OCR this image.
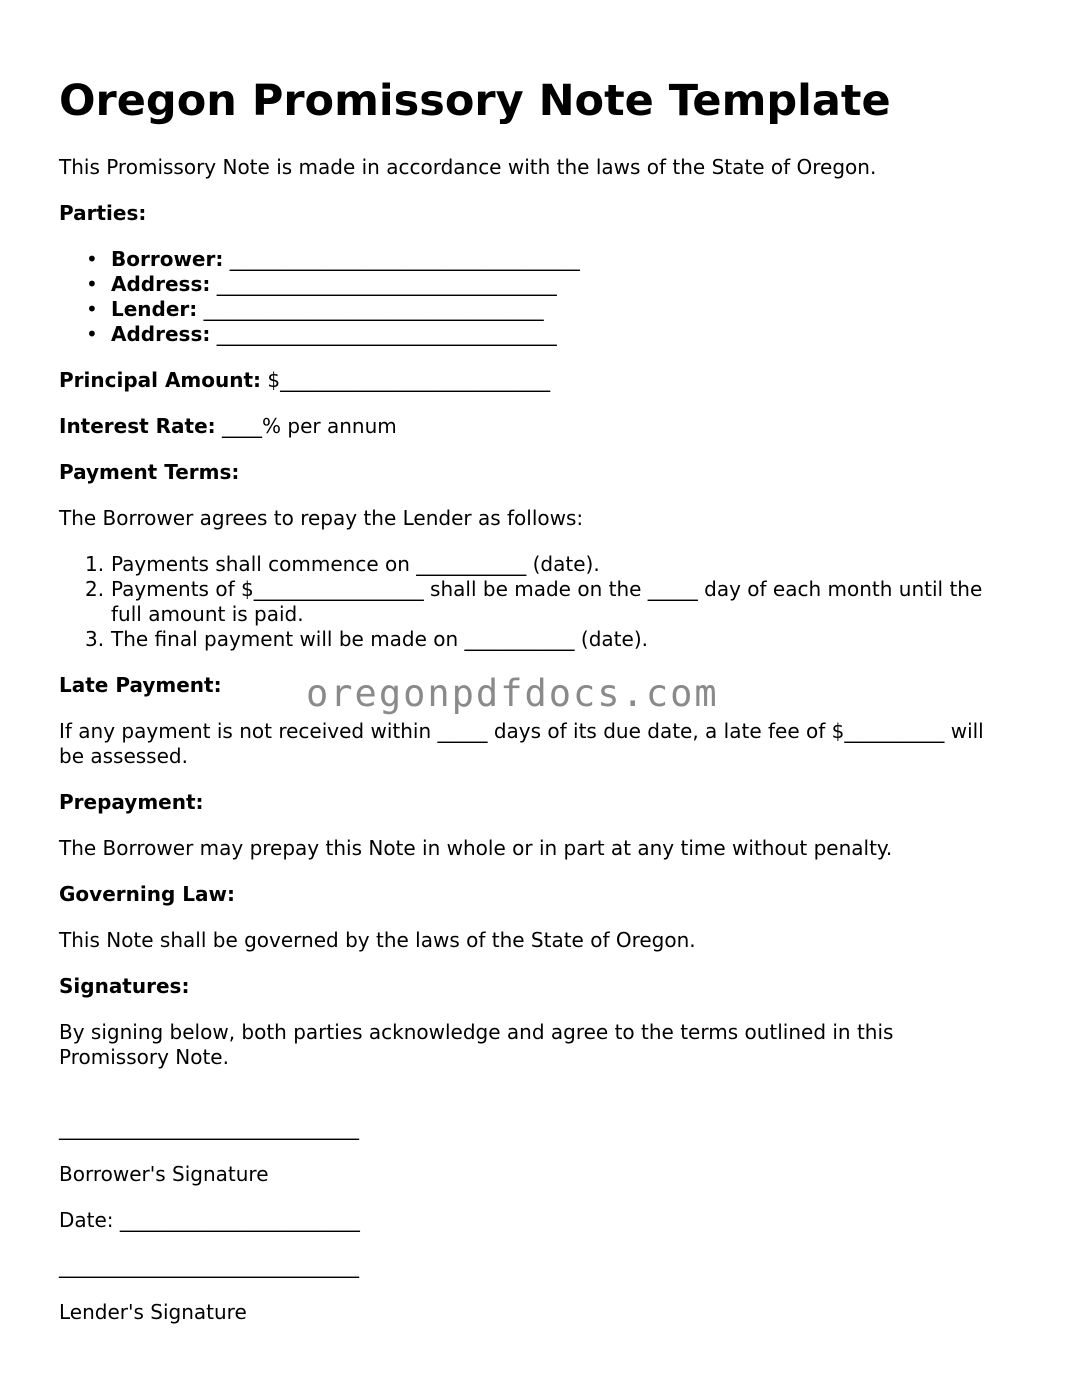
Oregon Promissory Note Template

This Promissory Note is made in accordance with the laws of the State of Oregon.

Parties:

• Borrower: ___________________________________
• Address: __________________________________
• Lender: __________________________________
• Address: __________________________________

Principal Amount: $___________________________

Interest Rate: ____% per annum

Payment Terms:

The Borrower agrees to repay the Lender as follows:

1. Payments shall commence on ___________ (date).
2. Payments of $_________________ shall be made on the _____ day of each month until the full amount is paid.
3. The final payment will be made on ___________ (date).

Late Payment:

If any payment is not received within _____ days of its due date, a late fee of $__________ will be assessed.

Prepayment:

The Borrower may prepay this Note in whole or in part at any time without penalty.

Governing Law:

This Note shall be governed by the laws of the State of Oregon.

Signatures:

By signing below, both parties acknowledge and agree to the terms outlined in this Promissory Note.

______________________________

Borrower's Signature

Date: ________________________

______________________________

Lender's Signature

oregonpdfdocs.com
